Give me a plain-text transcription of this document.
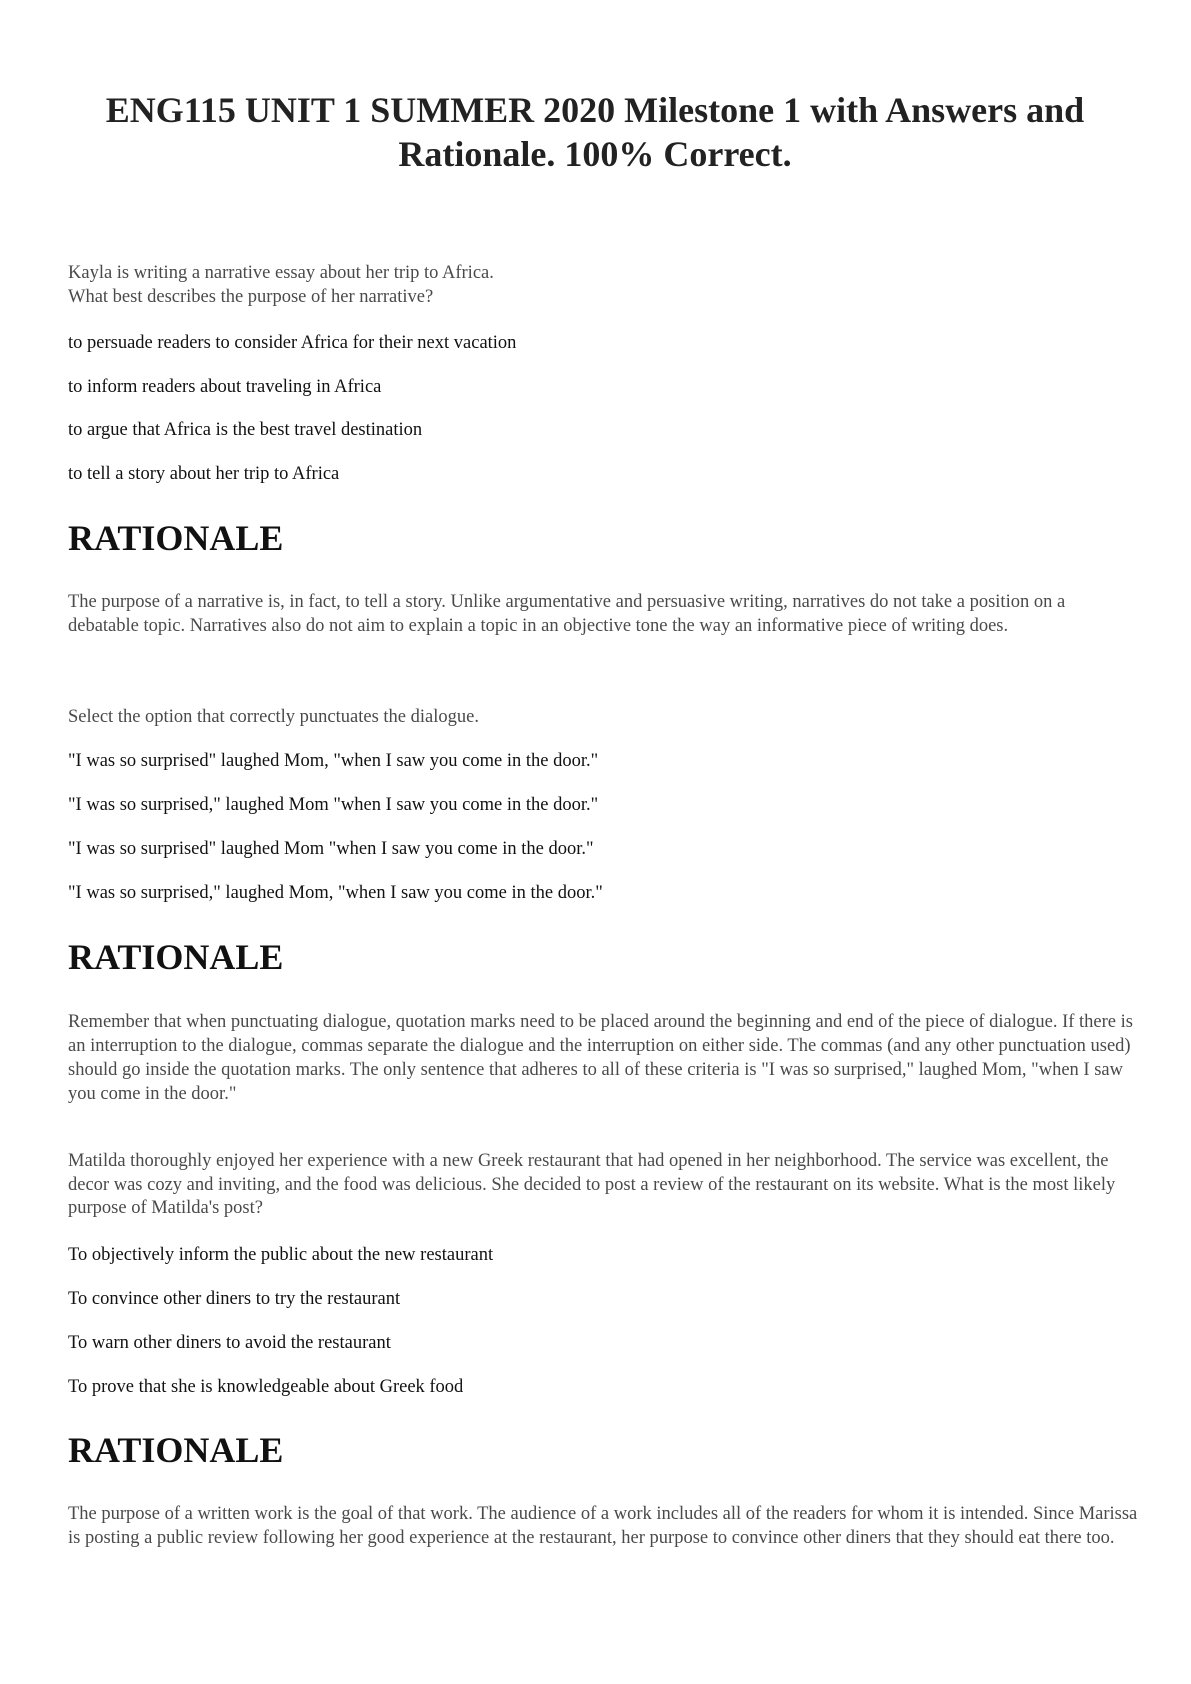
ENG115 UNIT 1 SUMMER 2020 Milestone 1 with Answers and Rationale. 100% Correct.

Kayla is writing a narrative essay about her trip to Africa.

What best describes the purpose of her narrative?

to persuade readers to consider Africa for their next vacation

to inform readers about traveling in Africa

to argue that Africa is the best travel destination

to tell a story about her trip to Africa

RATIONALE

The purpose of a narrative is, in fact, to tell a story. Unlike argumentative and persuasive writing, narratives do not take a position on a debatable topic. Narratives also do not aim to explain a topic in an objective tone the way an informative piece of writing does.

Select the option that correctly punctuates the dialogue.

"I was so surprised" laughed Mom, "when I saw you come in the door."

"I was so surprised," laughed Mom "when I saw you come in the door."

"I was so surprised" laughed Mom "when I saw you come in the door."

"I was so surprised," laughed Mom, "when I saw you come in the door."

RATIONALE

Remember that when punctuating dialogue, quotation marks need to be placed around the beginning and end of the piece of dialogue. If there is an interruption to the dialogue, commas separate the dialogue and the interruption on either side. The commas (and any other punctuation used) should go inside the quotation marks. The only sentence that adheres to all of these criteria is "I was so surprised," laughed Mom, "when I saw you come in the door."

Matilda thoroughly enjoyed her experience with a new Greek restaurant that had opened in her neighborhood. The service was excellent, the decor was cozy and inviting, and the food was delicious. She decided to post a review of the restaurant on its website. What is the most likely purpose of Matilda's post?

To objectively inform the public about the new restaurant

To convince other diners to try the restaurant

To warn other diners to avoid the restaurant

To prove that she is knowledgeable about Greek food

RATIONALE

The purpose of a written work is the goal of that work. The audience of a work includes all of the readers for whom it is intended. Since Marissa is posting a public review following her good experience at the restaurant, her purpose to convince other diners that they should eat there too.
